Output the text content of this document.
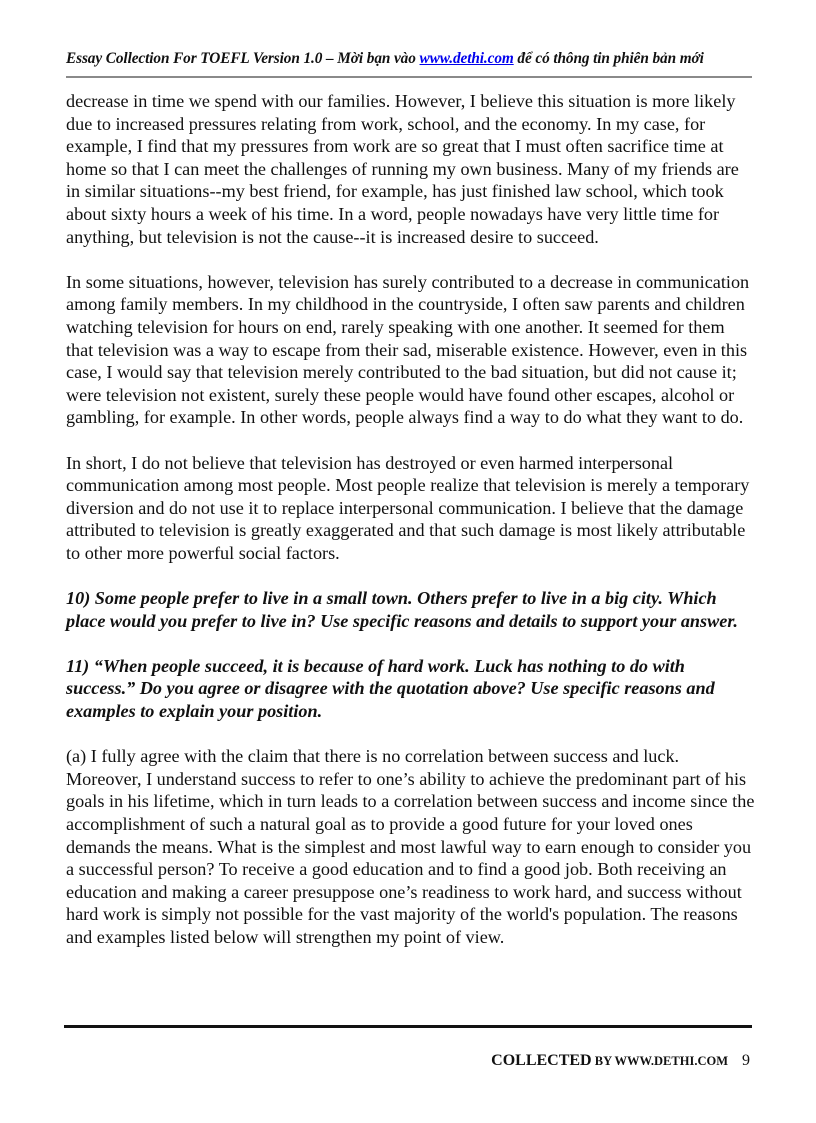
Essay Collection For TOEFL Version 1.0 – Mời bạn vào www.dethi.com để có thông tin phiên bản mới

decrease in time we spend with our families. However, I believe this situation is more likely due to increased pressures relating from work, school, and the economy. In my case, for example, I find that my pressures from work are so great that I must often sacrifice time at home so that I can meet the challenges of running my own business. Many of my friends are in similar situations--my best friend, for example, has just finished law school, which took about sixty hours a week of his time. In a word, people nowadays have very little time for anything, but television is not the cause--it is increased desire to succeed.

In some situations, however, television has surely contributed to a decrease in communication among family members. In my childhood in the countryside, I often saw parents and children watching television for hours on end, rarely speaking with one another. It seemed for them that television was a way to escape from their sad, miserable existence. However, even in this case, I would say that television merely contributed to the bad situation, but did not cause it; were television not existent, surely these people would have found other escapes, alcohol or gambling, for example. In other words, people always find a way to do what they want to do.

In short, I do not believe that television has destroyed or even harmed interpersonal communication among most people. Most people realize that television is merely a temporary diversion and do not use it to replace interpersonal communication. I believe that the damage attributed to television is greatly exaggerated and that such damage is most likely attributable to other more powerful social factors.

10) Some people prefer to live in a small town. Others prefer to live in a big city. Which place would you prefer to live in? Use specific reasons and details to support your answer.

11) “When people succeed, it is because of hard work. Luck has nothing to do with success.” Do you agree or disagree with the quotation above? Use specific reasons and examples to explain your position.

(a) I fully agree with the claim that there is no correlation between success and luck. Moreover, I understand success to refer to one’s ability to achieve the predominant part of his goals in his lifetime, which in turn leads to a correlation between success and income since the accomplishment of such a natural goal as to provide a good future for your loved ones demands the means. What is the simplest and most lawful way to earn enough to consider you a successful person? To receive a good education and to find a good job. Both receiving an education and making a career presuppose one’s readiness to work hard, and success without hard work is simply not possible for the vast majority of the world's population. The reasons and examples listed below will strengthen my point of view.

COLLECTED BY WWW.DETHI.COM 9
